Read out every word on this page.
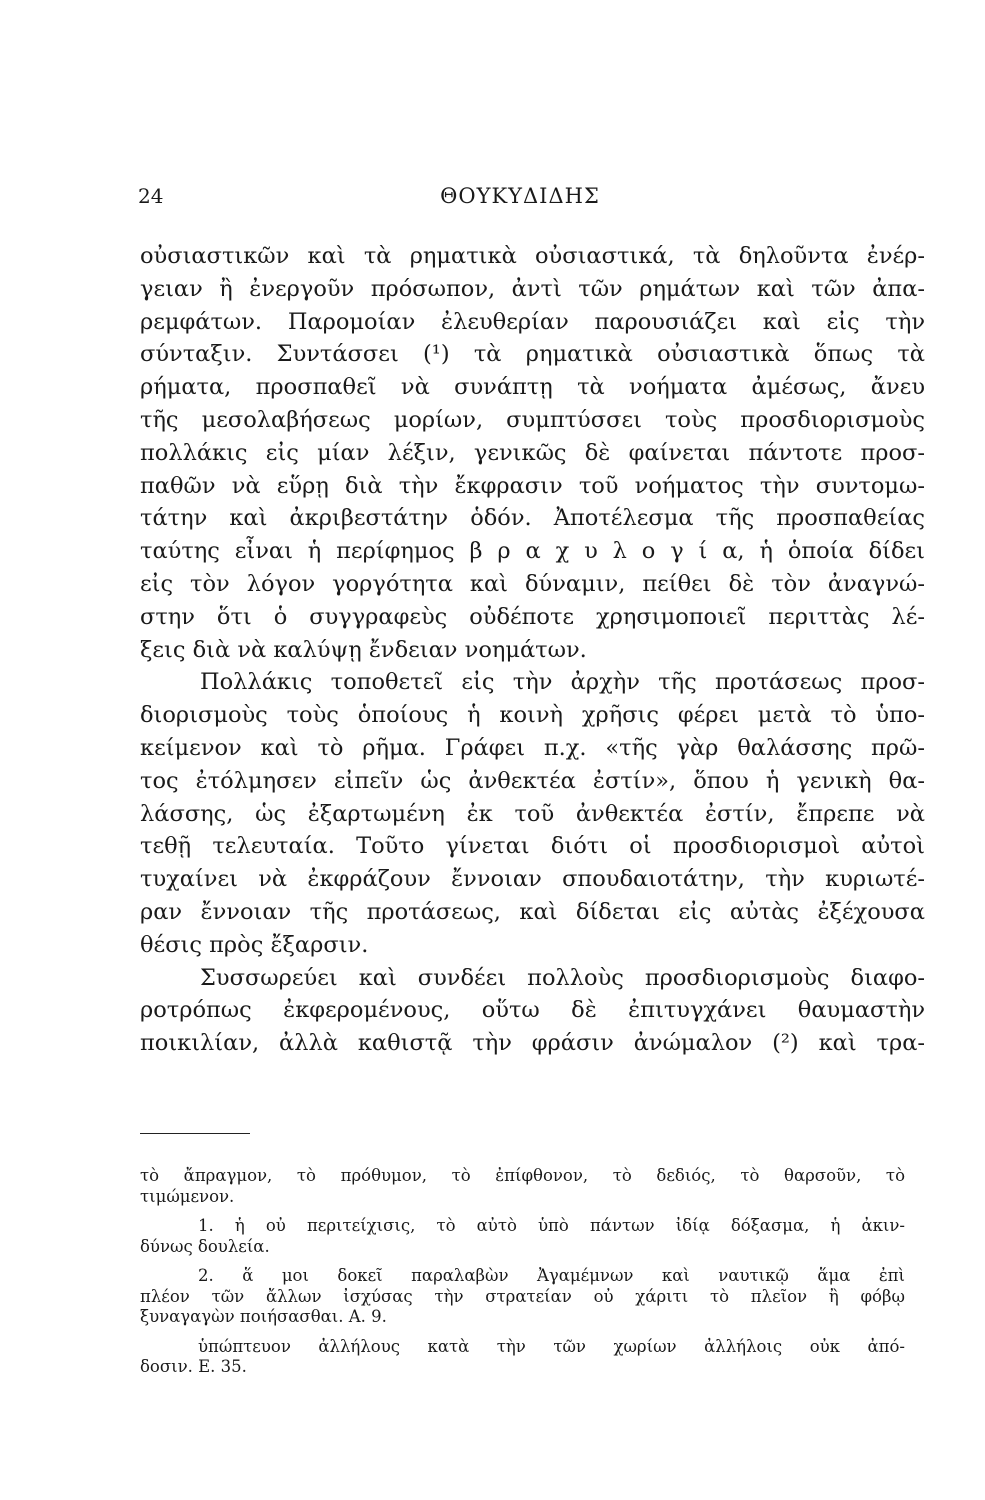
24	ΘΟΥΚΥΔΙΔΗΣ
οὐσιαστικῶν καὶ τὰ ρηματικὰ οὐσιαστικά, τὰ δηλοῦντα ἐνέρ-
γειαν ἢ ἐνεργοῦν πρόσωπον, ἀντὶ τῶν ρημάτων καὶ τῶν ἀπα-
ρεμφάτων. Παρομοίαν ἐλευθερίαν παρουσιάζει καὶ εἰς τὴν
σύνταξιν. Συντάσσει (¹) τὰ ρηματικὰ οὐσιαστικὰ ὅπως τὰ
ρήματα, προσπαθεῖ νὰ συνάπτῃ τὰ νοήματα ἀμέσως, ἄνευ
τῆς μεσολαβήσεως μορίων, συμπτύσσει τοὺς προσδιορισμοὺς
πολλάκις εἰς μίαν λέξιν, γενικῶς δὲ φαίνεται πάντοτε προσ-
παθῶν νὰ εὕρῃ διὰ τὴν ἔκφρασιν τοῦ νοήματος τὴν συντομω-
τάτην καὶ ἀκριβεστάτην ὁδόν. Ἀποτέλεσμα τῆς προσπαθείας
ταύτης εἶναι ἡ περίφημος β ρ α χ υ λ ο γ ί α, ἡ ὁποία δίδει
εἰς τὸν λόγον γοργότητα καὶ δύναμιν, πείθει δὲ τὸν ἀναγνώ-
στην ὅτι ὁ συγγραφεὺς οὐδέποτε χρησιμοποιεῖ περιττὰς λέ-
ξεις διὰ νὰ καλύψῃ ἔνδειαν νοημάτων.
Πολλάκις τοποθετεῖ εἰς τὴν ἀρχὴν τῆς προτάσεως προσ-
διορισμοὺς τοὺς ὁποίους ἡ κοινὴ χρῆσις φέρει μετὰ τὸ ὑπο-
κείμενον καὶ τὸ ρῆμα. Γράφει π.χ. «τῆς γὰρ θαλάσσης πρῶ-
τος ἐτόλμησεν εἰπεῖν ὡς ἀνθεκτέα ἐστίν», ὅπου ἡ γενικὴ θα-
λάσσης, ὡς ἐξαρτωμένη ἐκ τοῦ ἀνθεκτέα ἐστίν, ἔπρεπε νὰ
τεθῇ τελευταία. Τοῦτο γίνεται διότι οἱ προσδιορισμοὶ αὐτοὶ
τυχαίνει νὰ ἐκφράζουν ἔννοιαν σπουδαιοτάτην, τὴν κυριωτέ-
ραν ἔννοιαν τῆς προτάσεως, καὶ δίδεται εἰς αὐτὰς ἐξέχουσα
θέσις πρὸς ἔξαρσιν.
Συσσωρεύει καὶ συνδέει πολλοὺς προσδιορισμοὺς διαφο-
ροτρόπως ἐκφερομένους, οὕτω δὲ ἐπιτυγχάνει θαυμαστὴν
ποικιλίαν, ἀλλὰ καθιστᾷ τὴν φράσιν ἀνώμαλον (²) καὶ τρα-
τὸ ἄπραγμον, τὸ πρόθυμον, τὸ ἐπίφθονον, τὸ δεδιός, τὸ θαρσοῦν, τὸ
τιμώμενον.
1. ἡ οὐ περιτείχισις, τὸ αὐτὸ ὑπὸ πάντων ἰδίᾳ δόξασμα, ἡ ἀκιν-
δύνως δουλεία.
2. ἅ μοι δοκεῖ παραλαβὼν Ἀγαμέμνων καὶ ναυτικῷ ἅμα ἐπὶ
πλέον τῶν ἄλλων ἰσχύσας τὴν στρατείαν οὐ χάριτι τὸ πλεῖον ἢ φόβῳ
ξυναγαγὼν ποιήσασθαι. Α. 9.
ὑπώπτευον ἀλλήλους κατὰ τὴν τῶν χωρίων ἀλλήλοις οὐκ ἀπό-
δοσιν. Ε. 35.
